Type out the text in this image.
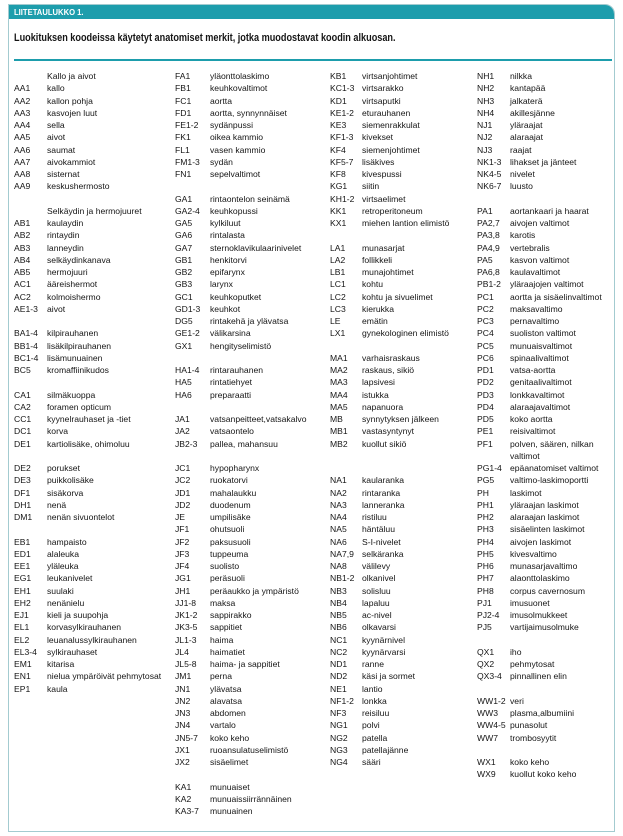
LIITETAULUKKO 1.
Luokituksen koodeissa käytetyt anatomiset merkit, jotka muodostavat koodin alkuosan.
Kallo ja aivot
AA1 kallo
AA2 kallon pohja
AA3 kasvojen luut
AA4 sella
AA5 aivot
AA6 saumat
AA7 aivokammiot
AA8 sisternat
AA9 keskushermosto
Selkäydin ja hermojuuret
AB1 kaulaydin
AB2 rintaydin
AB3 lanneydin
AB4 selkäydinkanava
AB5 hermojuuri
AC1 ääreishermot
AC2 kolmoishermo
AE1-3 aivot
BA1-4 kilpirauhanen
BB1-4 lisäkilpirauhanen
BC1-4 lisämunuainen
BC5 kromaffiinikudos
CA1 silmäkuoppa
CA2 foramen opticum
CC1 kyynelrauhaset ja -tiet
DC1 korva
DE1 kartiolisäke, ohimoluu
DE2 porukset
DE3 puikkolisäke
DF1 sisäkorva
DH1 nenä
DM1 nenän sivuontelot
EB1 hampaisto
ED1 alaleuka
EE1 yläleuka
EG1 leukanivelet
EH1 suulaki
EH2 nenänielu
EJ1 kieli ja suupohja
EL1 korvasylkirauhanen
EL2 leuanalussylkirauhanen
EL3-4 sylkirauhaset
EM1 kitarisa
EN1 nielua ympäröivät pehmytosat
EP1 kaula
FA1 yläonttolaskimo
FB1 keuhkovaltimot
FC1 aortta
FD1 aortta, synnynnäiset
FE1-2 sydänpussi
FK1 oikea kammio
FL1 vasen kammio
FM1-3 sydän
FN1 sepelvaltimot
GA1 rintaontelon seinämä
GA2-4 keuhkopussi
GA5 kylkiluut
GA6 rintalasta
GA7 sternoklavikulaarinivelet
GB1 henkitorvi
GB2 epifarynx
GB3 larynx
GC1 keuhkoputket
GD1-3 keuhkot
DG5 rintakehä ja ylävatsa
GE1-2 välikarsina
GX1 hengityselimistö
HA1-4 rintarauhanen
HA5 rintatiehyet
HA6 preparaatti
JA1 vatsanpeitteet,vatsakalvo
JA2 vatsaontelo
JB2-3 pallea, mahansuu
JC1 hypopharynx
JC2 ruokatorvi
JD1 mahalaukku
JD2 duodenum
JE	umpilisäke
JF1 ohutsuoli
JF2 paksusuoli
JF3 tuppeuma
JF4 suolisto
JG1 peräsuoli
JH1 peräaukko ja ympäristö
JJ1-8 maksa
JK1-2 sappirakko
JK3-5 sappitiet
JL1-3 haima
JL4 haimatiet
JL5-8 haima- ja sappitiet
JM1 perna
JN1 ylävatsa
JN2 alavatsa
JN3 abdomen
JN4 vartalo
JN5-7 koko keho
JX1 ruoansulatuselimistö
JX2 sisäelimet
KA1 munuaiset
KA2 munuaissiirrännäinen
KA3-7 munuainen
KB1 virtsanjohtimet
KC1-3 virtsarakko
KD1 virtsaputki
KE1-2 eturauhanen
KE3 siemenrakkulat
KF1-3 kivekset
KF4 siemenjohtimet
KF5-7 lisäkives
KF8 kivespussi
KG1 siitin
KH1-2 virtsaelimet
KK1 retroperitoneum
KX1 miehen lantion elimistö
LA1 munasarjat
LA2 follikkeli
LB1 munajohtimet
LC1 kohtu
LC2 kohtu ja sivuelimet
LC3 kierukka
LE emätin
LX1 gynekologinen elimistö
MA1 varhaisraskaus
MA2 raskaus, sikiö
MA3 lapsivesi
MA4 istukka
MA5 napanuora
MB synnytyksen jälkeen
MB1 vastasyntynyt
MB2 kuollut sikiö
NA1 kaularanka
NA2 rintaranka
NA3 lanneranka
NA4 ristiluu
NA5 häntäluu
NA6 S-I-nivelet
NA7,9 selkäranka
NA8 välilevy
NB1-2 olkanivel
NB3 solisluu
NB4 lapaluu
NB5 ac-nivel
NB6 olkavarsi
NC1 kyynärnivel
NC2 kyynärvarsi
ND1 ranne
ND2 käsi ja sormet
NE1 lantio
NF1-2 lonkka
NF3 reisiluu
NG1 polvi
NG2 patella
NG3 patellajänne
NG4 sääri
NH1 nilkka
NH2 kantapää
NH3 jalkaterä
NH4 akillesjänne
NJ1 yläraajat
NJ2 alaraajat
NJ3 raajat
NK1-3 lihakset ja jänteet
NK4-5 nivelet
NK6-7 luusto
PA1 aortankaari ja haarat
PA2,7 aivojen valtimot
PA3,8 karotis
PA4,9 vertebralis
PA5 kasvon valtimot
PA6,8 kaulavaltimot
PB1-2 yläraajojen valtimot
PC1 aortta ja sisäelinvaltimot
PC2 maksavaltimo
PC3 pernavaltimo
PC4 suoliston valtimot
PC5 munuaisvaltimot
PC6 spinaalivaltimot
PD1 vatsa-aortta
PD2 genitaalivaltimot
PD3 lonkkavaltimot
PD4 alaraajavaltimot
PD5 koko aortta
PE1 reisivaltimot
PF1 polven, säären, nilkan valtimot
PG1-4 epäanatomiset valtimot
PG5 valtimo-laskimoportti
PH laskimot
PH1 yläraajan laskimot
PH2 alaraajan laskimot
PH3 sisäelinten laskimot
PH4 aivojen laskimot
PH5 kivesvaltimo
PH6 munasarjavaltimo
PH7 alaonttolaskimo
PH8 corpus cavernosum
PJ1 imusuonet
PJ2-4 imusolmukkeet
PJ5 vartijaimusolmuke
QX1 iho
QX2 pehmytosat
QX3-4 pinnallinen elin
WW1-2 veri
WW3 plasma,albumiini
WW4-5 punasolut
WW7 trombosyytit
WX1 koko keho
WX9 kuollut koko keho
